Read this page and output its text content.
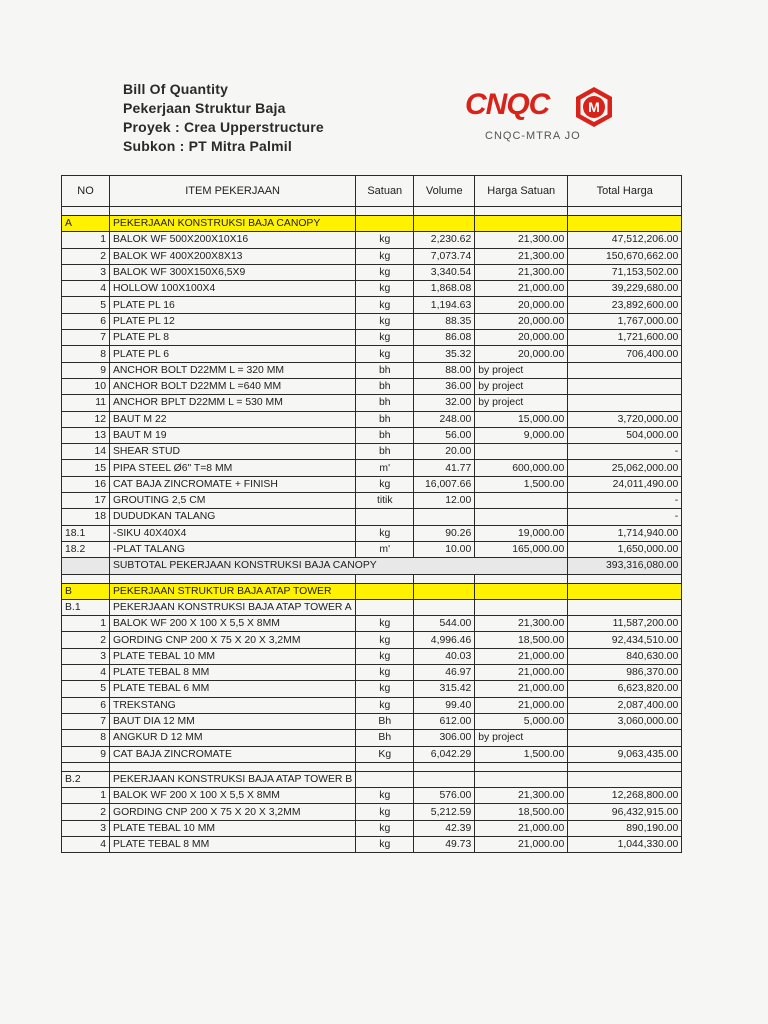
Bill Of Quantity
Pekerjaan Struktur Baja
Proyek : Crea Upperstructure
Subkon : PT Mitra Palmil
CNQC	M
CNQC-MTRA JO
NO	ITEM PEKERJAAN	Satuan	Volume	Harga Satuan	Total Harga

A	PEKERJAAN KONSTRUKSI BAJA CANOPY				
1	BALOK WF 500X200X10X16	kg	2,230.62	21,300.00	47,512,206.00
2	BALOK WF 400X200X8X13	kg	7,073.74	21,300.00	150,670,662.00
3	BALOK WF 300X150X6,5X9	kg	3,340.54	21,300.00	71,153,502.00
4	HOLLOW 100X100X4	kg	1,868.08	21,000.00	39,229,680.00
5	PLATE PL 16	kg	1,194.63	20,000.00	23,892,600.00
6	PLATE PL 12	kg	88.35	20,000.00	1,767,000.00
7	PLATE PL 8	kg	86.08	20,000.00	1,721,600.00
8	PLATE PL 6	kg	35.32	20,000.00	706,400.00
9	ANCHOR BOLT D22MM L = 320 MM	bh	88.00	by project	
10	ANCHOR BOLT D22MM L =640 MM	bh	36.00	by project	
11	ANCHOR BPLT D22MM L = 530 MM	bh	32.00	by project	
12	BAUT M 22	bh	248.00	15,000.00	3,720,000.00
13	BAUT M 19	bh	56.00	9,000.00	504,000.00
14	SHEAR STUD	bh	20.00		-
15	PIPA STEEL Ø6" T=8 MM	m'	41.77	600,000.00	25,062,000.00
16	CAT BAJA ZINCROMATE + FINISH	kg	16,007.66	1,500.00	24,011,490.00
17	GROUTING 2,5 CM	titik	12.00		-
18	DUDUDKAN TALANG				-
18.1	-SIKU 40X40X4	kg	90.26	19,000.00	1,714,940.00
18.2	-PLAT TALANG	m'	10.00	165,000.00	1,650,000.00
	SUBTOTAL PEKERJAAN KONSTRUKSI BAJA CANOPY				393,316,080.00

B	PEKERJAAN STRUKTUR BAJA ATAP TOWER				
B.1	PEKERJAAN KONSTRUKSI BAJA ATAP TOWER A				
1	BALOK WF 200 X 100 X 5,5 X 8MM	kg	544.00	21,300.00	11,587,200.00
2	GORDING CNP 200 X 75 X 20 X 3,2MM	kg	4,996.46	18,500.00	92,434,510.00
3	PLATE TEBAL 10 MM	kg	40.03	21,000.00	840,630.00
4	PLATE TEBAL 8 MM	kg	46.97	21,000.00	986,370.00
5	PLATE TEBAL 6 MM	kg	315.42	21,000.00	6,623,820.00
6	TREKSTANG	kg	99.40	21,000.00	2,087,400.00
7	BAUT DIA 12 MM	Bh	612.00	5,000.00	3,060,000.00
8	ANGKUR D 12 MM	Bh	306.00	by project	
9	CAT BAJA ZINCROMATE	Kg	6,042.29	1,500.00	9,063,435.00

B.2	PEKERJAAN KONSTRUKSI BAJA ATAP TOWER B				
1	BALOK WF 200 X 100 X 5,5 X 8MM	kg	576.00	21,300.00	12,268,800.00
2	GORDING CNP 200 X 75 X 20 X 3,2MM	kg	5,212.59	18,500.00	96,432,915.00
3	PLATE TEBAL 10 MM	kg	42.39	21,000.00	890,190.00
4	PLATE TEBAL 8 MM	kg	49.73	21,000.00	1,044,330.00
